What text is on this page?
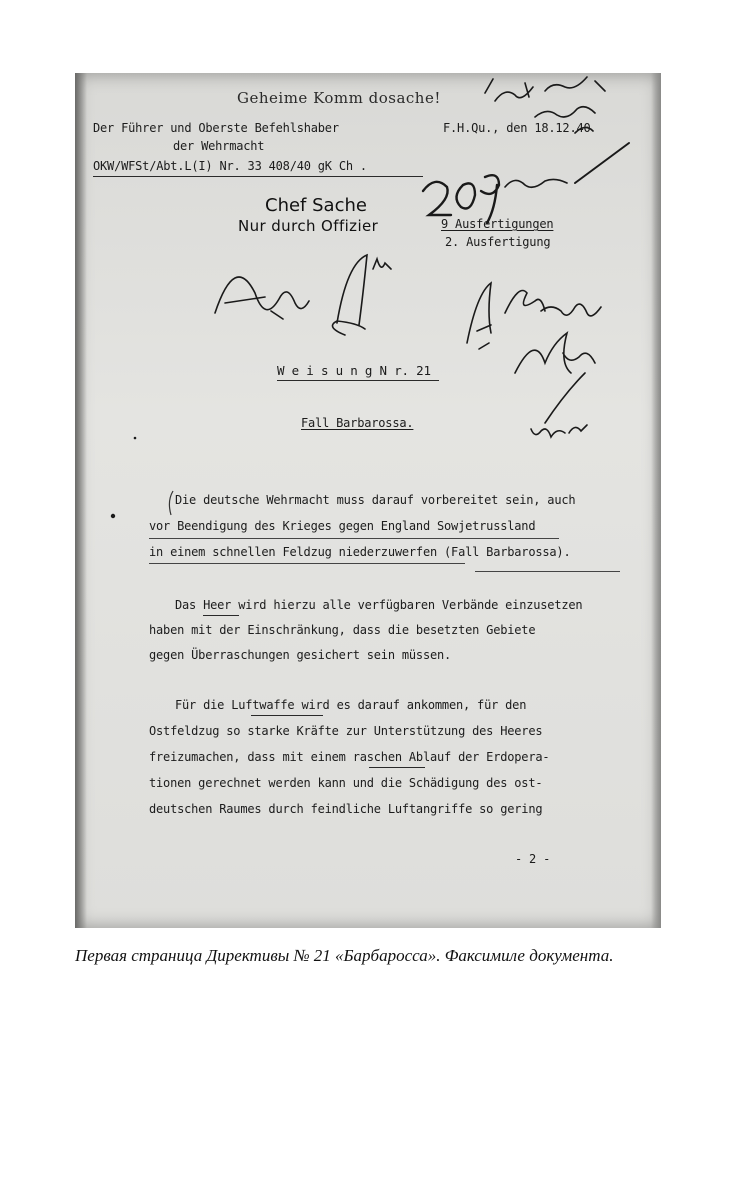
Geheime Komm dosache!
Der Führer und Oberste Befehlshaber
der Wehrmacht
OKW/WFSt/Abt.L(I) Nr. 33 408/40 gK Ch .
F.H.Qu., den 18.12.40
Chef Sache
Nur durch Offizier	9 Ausfertigungen
2. Ausfertigung
W e i s u n g N r. 21
Fall Barbarossa.
Die deutsche Wehrmacht muss darauf vorbereitet sein, auch
vor Beendigung des Krieges gegen England Sowjetrussland
in einem schnellen Feldzug niederzuwerfen (Fall Barbarossa).
Das Heer wird hierzu alle verfügbaren Verbände einzusetzen
haben mit der Einschränkung, dass die besetzten Gebiete
gegen Überraschungen gesichert sein müssen.
Für die Luftwaffe wird es darauf ankommen, für den
Ostfeldzug so starke Kräfte zur Unterstützung des Heeres
freizumachen, dass mit einem raschen Ablauf der Erdopera-
tionen gerechnet werden kann und die Schädigung des ost-
deutschen Raumes durch feindliche Luftangriffe so gering
- 2 -
Первая страница Директивы № 21 «Барбаросса». Факсимиле документа.
